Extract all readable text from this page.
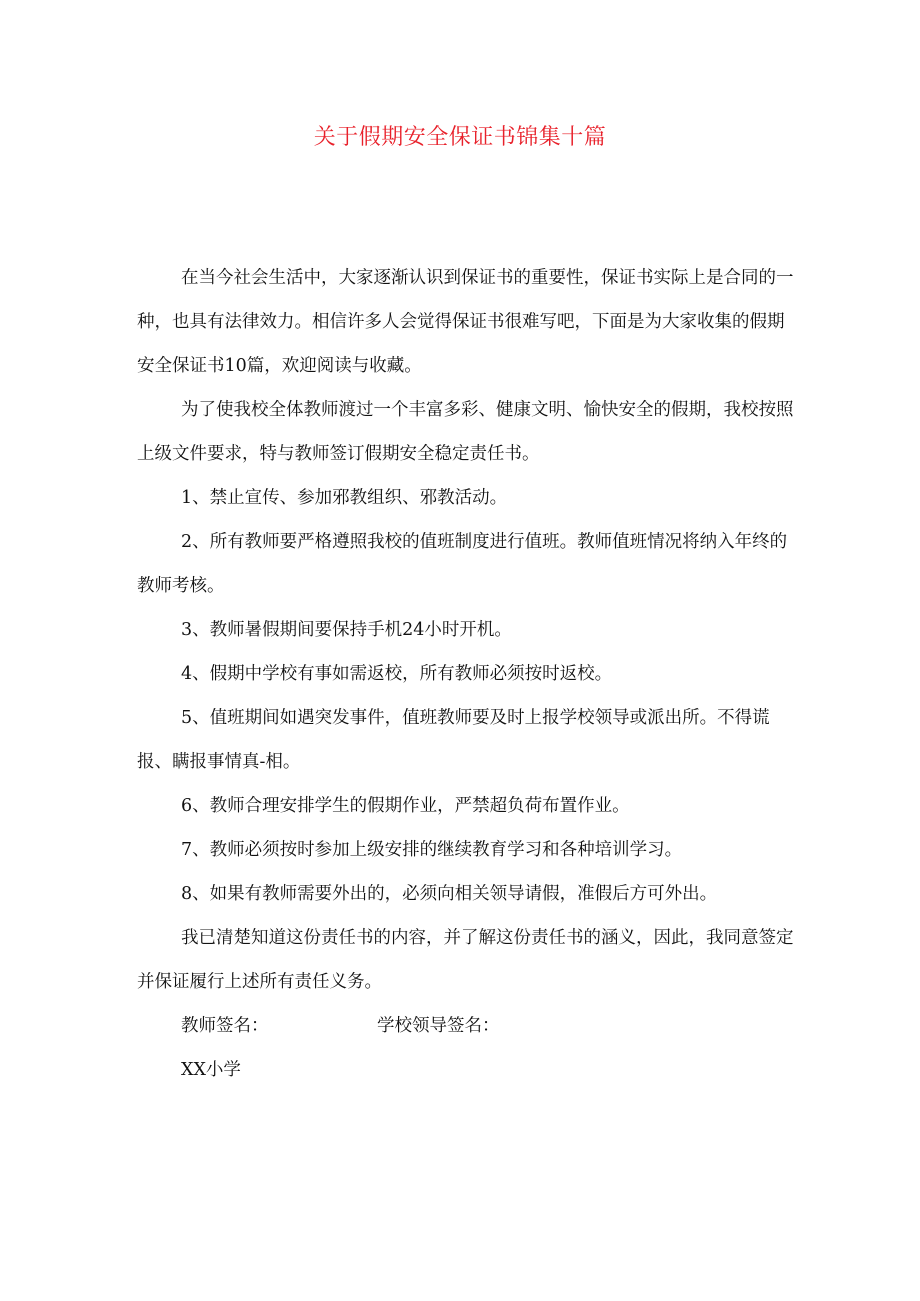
关于假期安全保证书锦集十篇

在当今社会生活中，大家逐渐认识到保证书的重要性，保证书实际上是合同的一种，也具有法律效力。相信许多人会觉得保证书很难写吧，下面是为大家收集的假期安全保证书10篇，欢迎阅读与收藏。

为了使我校全体教师渡过一个丰富多彩、健康文明、愉快安全的假期，我校按照上级文件要求，特与教师签订假期安全稳定责任书。

1、禁止宣传、参加邪教组织、邪教活动。

2、所有教师要严格遵照我校的值班制度进行值班。教师值班情况将纳入年终的教师考核。

3、教师暑假期间要保持手机24小时开机。

4、假期中学校有事如需返校，所有教师必须按时返校。

5、值班期间如遇突发事件，值班教师要及时上报学校领导或派出所。不得谎报、瞒报事情真-相。

6、教师合理安排学生的假期作业，严禁超负荷布置作业。

7、教师必须按时参加上级安排的继续教育学习和各种培训学习。

8、如果有教师需要外出的，必须向相关领导请假，准假后方可外出。

我已清楚知道这份责任书的内容，并了解这份责任书的涵义，因此，我同意签定并保证履行上述所有责任义务。

教师签名：	学校领导签名：

XX小学
